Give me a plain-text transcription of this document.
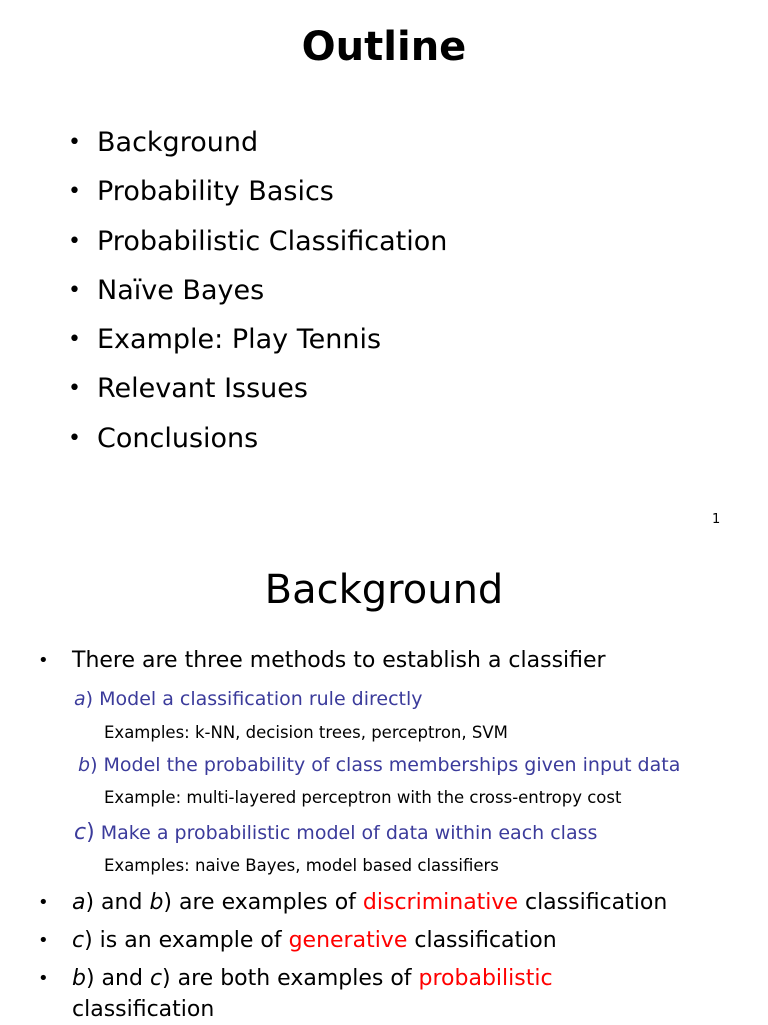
Outline
• Background
• Probability Basics
• Probabilistic Classification
• Naïve Bayes
• Example: Play Tennis
• Relevant Issues
• Conclusions
1
Background
• There are three methods to establish a classifier
a) Model a classification rule directly
Examples: k-NN, decision trees, perceptron, SVM
b) Model the probability of class memberships given input data
Example: multi-layered perceptron with the cross-entropy cost
c) Make a probabilistic model of data within each class
Examples: naive Bayes, model based classifiers
• a) and b) are examples of discriminative classification
• c) is an example of generative classification
• b) and c) are both examples of probabilistic
classification
